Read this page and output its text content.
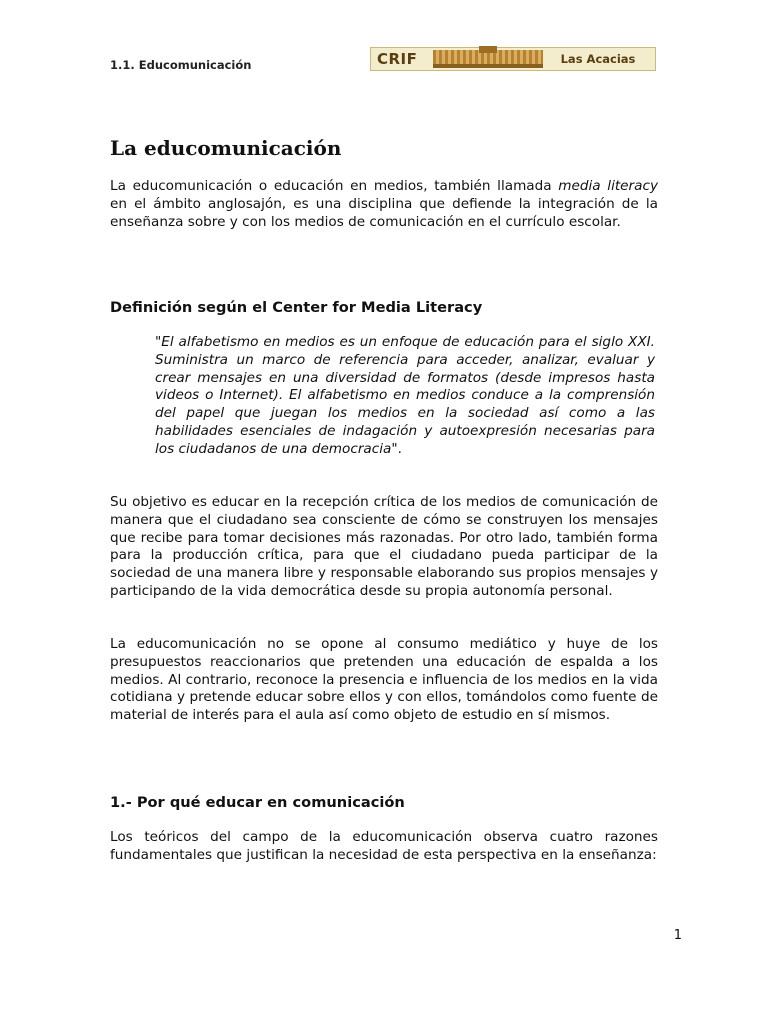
1.1. Educomunicación	CRIF	Las Acacias
La educomunicación

La educomunicación o educación en medios, también llamada media literacy en el ámbito anglosajón, es una disciplina que defiende la integración de la enseñanza sobre y con los medios de comunicación en el currículo escolar.

Definición según el Center for Media Literacy
"El alfabetismo en medios es un enfoque de educación para el siglo XXI. Suministra un marco de referencia para acceder, analizar, evaluar y crear mensajes en una diversidad de formatos (desde impresos hasta videos o Internet). El alfabetismo en medios conduce a la comprensión del papel que juegan los medios en la sociedad así como a las habilidades esenciales de indagación y autoexpresión necesarias para los ciudadanos de una democracia".

Su objetivo es educar en la recepción crítica de los medios de comunicación de manera que el ciudadano sea consciente de cómo se construyen los mensajes que recibe para tomar decisiones más razonadas. Por otro lado, también forma para la producción crítica, para que el ciudadano pueda participar de la sociedad de una manera libre y responsable elaborando sus propios mensajes y participando de la vida democrática desde su propia autonomía personal.

La educomunicación no se opone al consumo mediático y huye de los presupuestos reaccionarios que pretenden una educación de espalda a los medios. Al contrario, reconoce la presencia e influencia de los medios en la vida cotidiana y pretende educar sobre ellos y con ellos, tomándolos como fuente de material de interés para el aula así como objeto de estudio en sí mismos.

1.- Por qué educar en comunicación

Los teóricos del campo de la educomunicación observa cuatro razones fundamentales que justifican la necesidad de esta perspectiva en la enseñanza:

1
